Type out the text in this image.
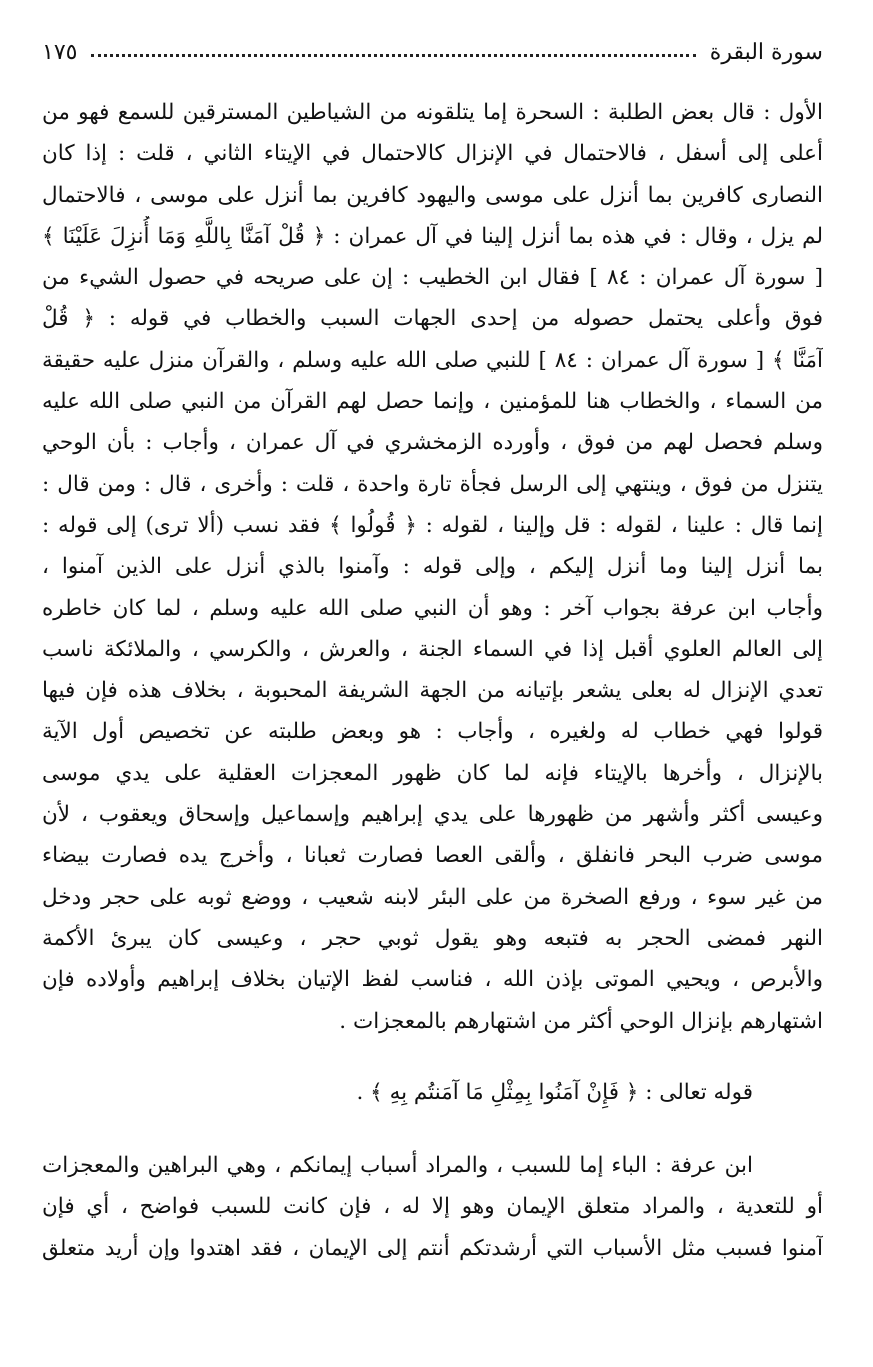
سورة البقرة
١٧٥
الأول : قال بعض الطلبة : السحرة إما يتلقونه من الشياطين المسترقين للسمع فهو من
أعلى إلى أسفل ، فالاحتمال في الإنزال كالاحتمال في الإيتاء الثاني ، قلت : إذا كان
النصارى كافرين بما أنزل على موسى واليهود كافرين بما أنزل على موسى ، فالاحتمال
لم يزل ، وقال : في هذه بما أنزل إلينا في آل عمران : ﴿ قُلْ آمَنَّا بِاللَّهِ وَمَا أُنزِلَ عَلَيْنَا ﴾
[ سورة آل عمران : ٨٤ ] فقال ابن الخطيب : إن على صريحه في حصول الشيء من
فوق وأعلى يحتمل حصوله من إحدى الجهات السبب والخطاب في قوله : ﴿ قُلْ
آمَنَّا ﴾ [ سورة آل عمران : ٨٤ ] للنبي صلى الله عليه وسلم ، والقرآن منزل عليه حقيقة
من السماء ، والخطاب هنا للمؤمنين ، وإنما حصل لهم القرآن من النبي صلى الله عليه
وسلم فحصل لهم من فوق ، وأورده الزمخشري في آل عمران ، وأجاب : بأن الوحي
يتنزل من فوق ، وينتهي إلى الرسل فجأة تارة واحدة ، قلت : وأخرى ، قال : ومن قال :
إنما قال : علينا ، لقوله : قل وإلينا ، لقوله : ﴿ قُولُوا ﴾ فقد نسب (ألا ترى) إلى قوله :
بما أنزل إلينا وما أنزل إليكم ، وإلى قوله : وآمنوا بالذي أنزل على الذين آمنوا ،
وأجاب ابن عرفة بجواب آخر : وهو أن النبي صلى الله عليه وسلم ، لما كان خاطره
إلى العالم العلوي أقبل إذا في السماء الجنة ، والعرش ، والكرسي ، والملائكة ناسب
تعدي الإنزال له بعلى يشعر بإتيانه من الجهة الشريفة المحبوبة ، بخلاف هذه فإن فيها
قولوا فهي خطاب له ولغيره ، وأجاب : هو وبعض طلبته عن تخصيص أول الآية
بالإنزال ، وأخرها بالإيتاء فإنه لما كان ظهور المعجزات العقلية على يدي موسى
وعيسى أكثر وأشهر من ظهورها على يدي إبراهيم وإسماعيل وإسحاق ويعقوب ، لأن
موسى ضرب البحر فانفلق ، وألقى العصا فصارت ثعبانا ، وأخرج يده فصارت بيضاء
من غير سوء ، ورفع الصخرة من على البئر لابنه شعيب ، ووضع ثوبه على حجر ودخل
النهر فمضى الحجر به فتبعه وهو يقول ثوبي حجر ، وعيسى كان يبرئ الأكمة
والأبرص ، ويحيي الموتى بإذن الله ، فناسب لفظ الإتيان بخلاف إبراهيم وأولاده فإن
اشتهارهم بإنزال الوحي أكثر من اشتهارهم بالمعجزات .
قوله تعالى : ﴿ فَإِنْ آمَنُوا بِمِثْلِ مَا آمَنتُم بِهِ ﴾ .
ابن عرفة : الباء إما للسبب ، والمراد أسباب إيمانكم ، وهي البراهين والمعجزات
أو للتعدية ، والمراد متعلق الإيمان وهو إلا له ، فإن كانت للسبب فواضح ، أي فإن
آمنوا فسبب مثل الأسباب التي أرشدتكم أنتم إلى الإيمان ، فقد اهتدوا وإن أريد متعلق
